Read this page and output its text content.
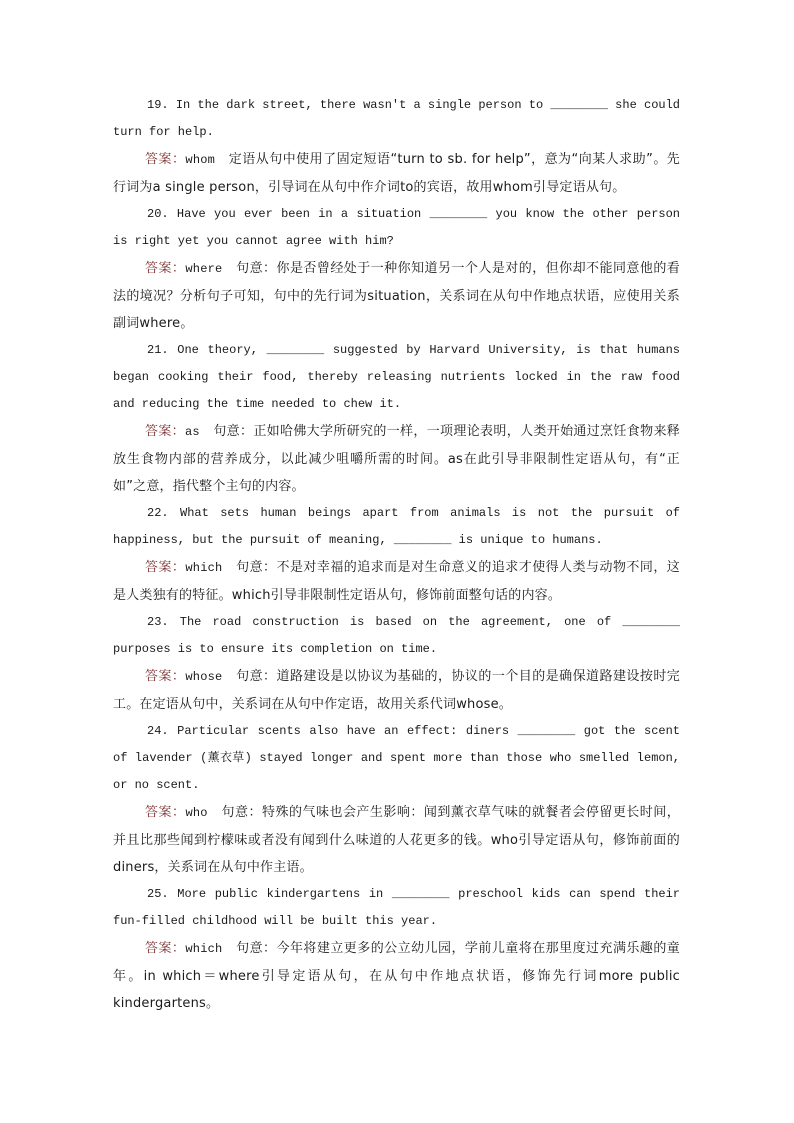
19. In the dark street, there wasn't a single person to ________ she could turn for help.

答案：whom　 定语从句中使用了固定短语“turn to sb. for help”，意为“向某人求助”。先行词为a single person，引导词在从句中作介词to的宾语，故用whom引导定语从句。

20. Have you ever been in a situation ________ you know the other person is right yet you cannot agree with him?

答案：where　 句意：你是否曾经处于一种你知道另一个人是对的，但你却不能同意他的看法的境况？分析句子可知，句中的先行词为situation，关系词在从句中作地点状语，应使用关系副词where。

21. One theory, ________ suggested by Harvard University, is that humans began cooking their food, thereby releasing nutrients locked in the raw food and reducing the time needed to chew it.

答案：as　 句意：正如哈佛大学所研究的一样，一项理论表明，人类开始通过烹饪食物来释放生食物内部的营养成分，以此减少咀嚼所需的时间。as在此引导非限制性定语从句，有“正如”之意，指代整个主句的内容。

22. What sets human beings apart from animals is not the pursuit of happiness, but the pursuit of meaning, ________ is unique to humans.

答案：which　 句意：不是对幸福的追求而是对生命意义的追求才使得人类与动物不同，这是人类独有的特征。which引导非限制性定语从句，修饰前面整句话的内容。

23. The road construction is based on the agreement, one of ________ purposes is to ensure its completion on time.

答案：whose　 句意：道路建设是以协议为基础的，协议的一个目的是确保道路建设按时完工。在定语从句中，关系词在从句中作定语，故用关系代词whose。

24. Particular scents also have an effect: diners ________ got the scent of lavender (薰衣草) stayed longer and spent more than those who smelled lemon, or no scent.

答案：who　 句意：特殊的气味也会产生影响：闻到薰衣草气味的就餐者会停留更长时间，并且比那些闻到柠檬味或者没有闻到什么味道的人花更多的钱。who引导定语从句，修饰前面的diners，关系词在从句中作主语。

25. More public kindergartens in ________ preschool kids can spend their fun-filled childhood will be built this year.

答案：which　 句意：今年将建立更多的公立幼儿园，学前儿童将在那里度过充满乐趣的童年。in which＝where引导定语从句，在从句中作地点状语，修饰先行词more public kindergartens。
